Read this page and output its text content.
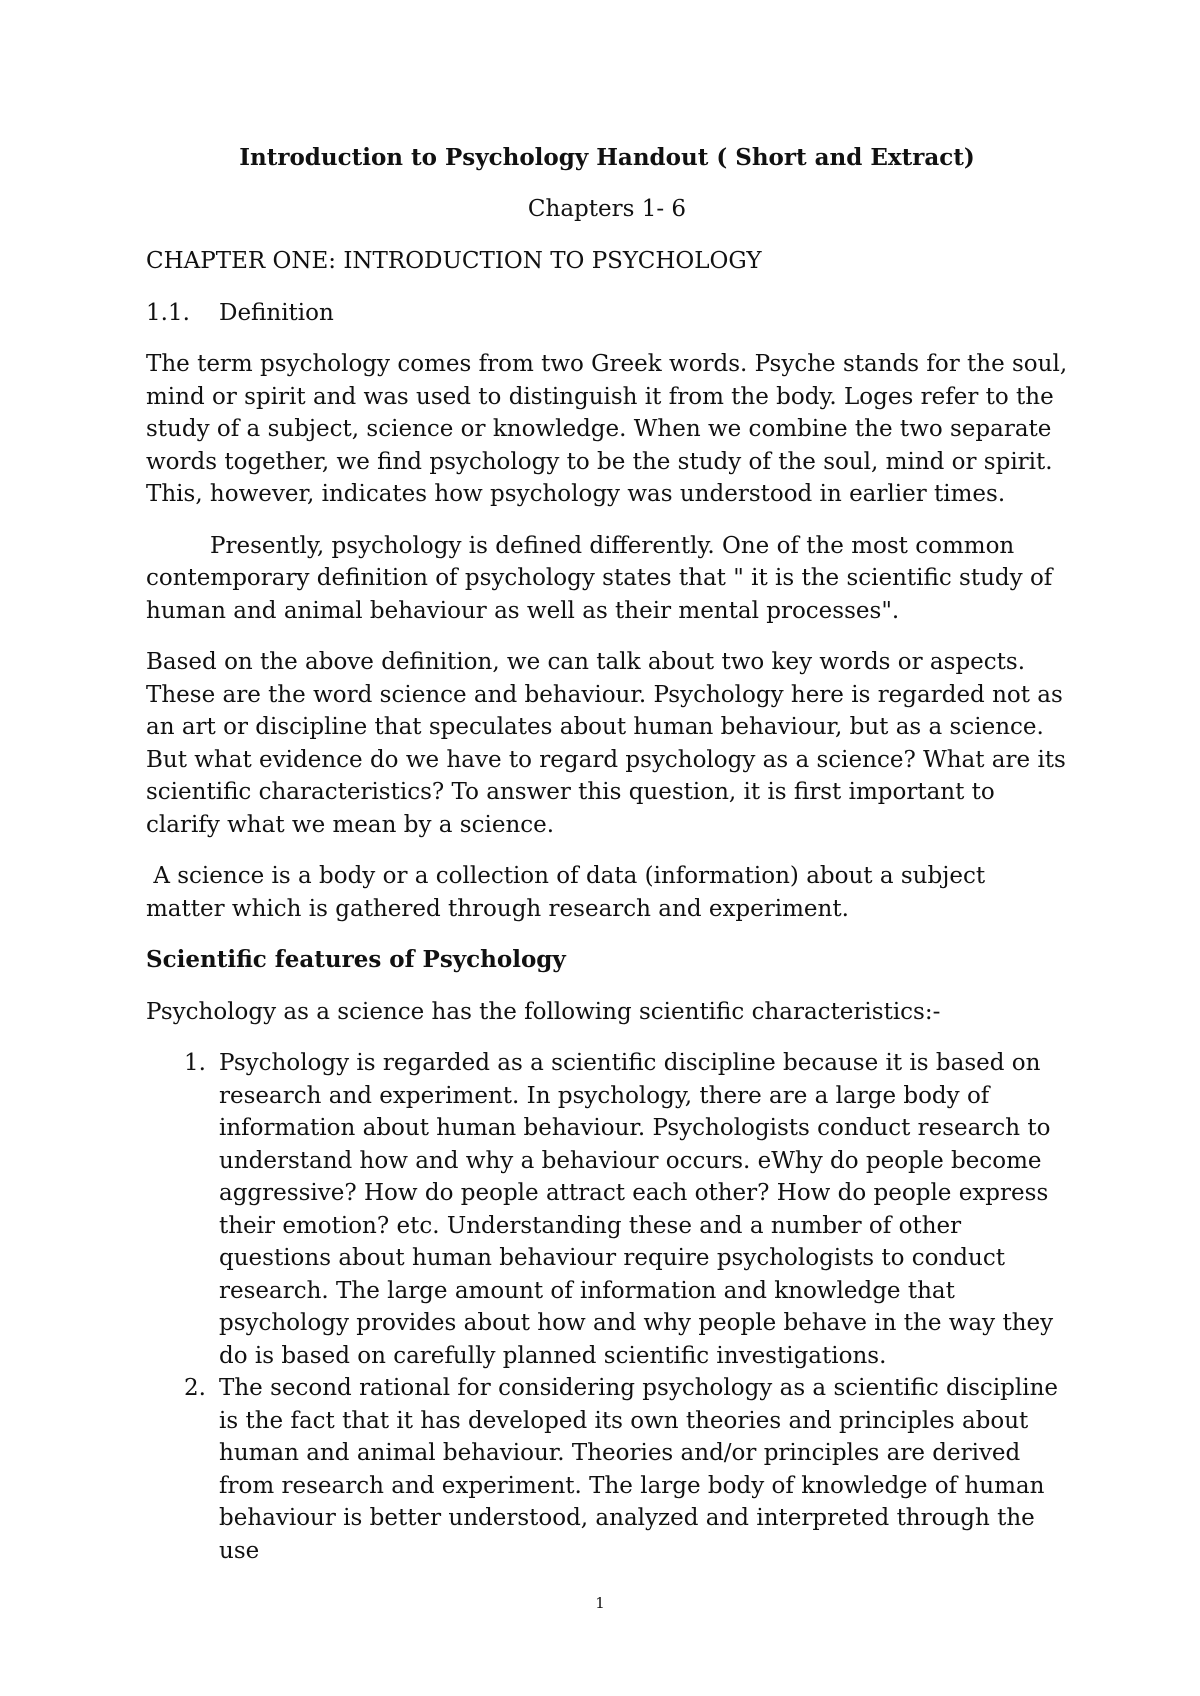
Introduction to Psychology Handout ( Short and Extract)
Chapters 1- 6
CHAPTER ONE: INTRODUCTION TO PSYCHOLOGY
1.1.	Definition

The term psychology comes from two Greek words. Psyche stands for the soul, mind or spirit and was used to distinguish it from the body. Loges refer to the study of a subject, science or knowledge. When we combine the two separate words together, we find psychology to be the study of the soul, mind or spirit. This, however, indicates how psychology was understood in earlier times.

Presently, psychology is defined differently. One of the most common contemporary definition of psychology states that " it is the scientific study of human and animal behaviour as well as their mental processes".

Based on the above definition, we can talk about two key words or aspects. These are the word science and behaviour. Psychology here is regarded not as an art or discipline that speculates about human behaviour, but as a science. But what evidence do we have to regard psychology as a science? What are its scientific characteristics? To answer this question, it is first important to clarify what we mean by a science.

A science is a body or a collection of data (information) about a subject matter which is gathered through research and experiment.

Scientific features of Psychology

Psychology as a science has the following scientific characteristics:-

1. Psychology is regarded as a scientific discipline because it is based on research and experiment. In psychology, there are a large body of information about human behaviour. Psychologists conduct research to understand how and why a behaviour occurs. eWhy do people become aggressive? How do people attract each other? How do people express their emotion? etc. Understanding these and a number of other questions about human behaviour require psychologists to conduct research. The large amount of information and knowledge that psychology provides about how and why people behave in the way they do is based on carefully planned scientific investigations.
2. The second rational for considering psychology as a scientific discipline is the fact that it has developed its own theories and principles about human and animal behaviour. Theories and/or principles are derived from research and experiment. The large body of knowledge of human behaviour is better understood, analyzed and interpreted through the use
1
